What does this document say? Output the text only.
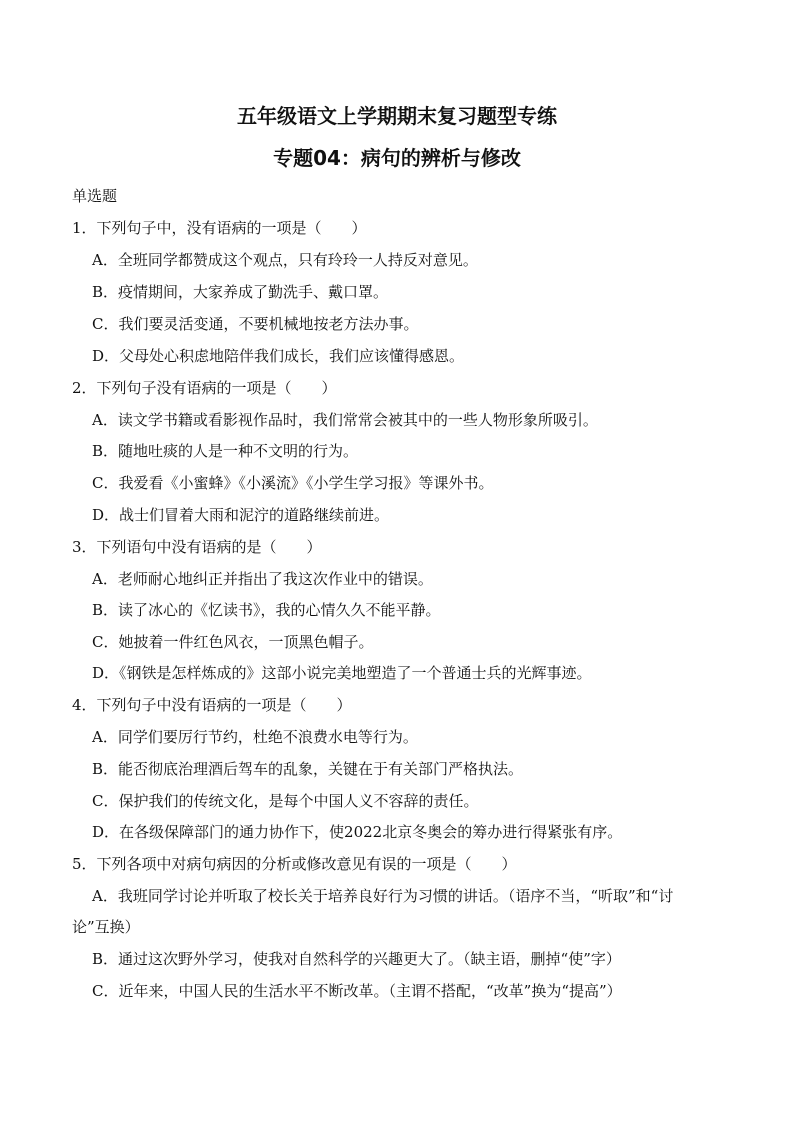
五年级语文上学期期末复习题型专练
专题04：病句的辨析与修改
单选题
1．下列句子中，没有语病的一项是（　　）
A．全班同学都赞成这个观点，只有玲玲一人持反对意见。
B．疫情期间，大家养成了勤洗手、戴口罩。
C．我们要灵活变通，不要机械地按老方法办事。
D．父母处心积虑地陪伴我们成长，我们应该懂得感恩。
2．下列句子没有语病的一项是（　　）
A．读文学书籍或看影视作品时，我们常常会被其中的一些人物形象所吸引。
B．随地吐痰的人是一种不文明的行为。
C．我爱看《小蜜蜂》《小溪流》《小学生学习报》等课外书。
D．战士们冒着大雨和泥泞的道路继续前进。
3．下列语句中没有语病的是（　　）
A．老师耐心地纠正并指出了我这次作业中的错误。
B．读了冰心的《忆读书》，我的心情久久不能平静。
C．她披着一件红色风衣，一顶黑色帽子。
D．《钢铁是怎样炼成的》这部小说完美地塑造了一个普通士兵的光辉事迹。
4．下列句子中没有语病的一项是（　　）
A．同学们要厉行节约，杜绝不浪费水电等行为。
B．能否彻底治理酒后驾车的乱象，关键在于有关部门严格执法。
C．保护我们的传统文化，是每个中国人义不容辞的责任。
D．在各级保障部门的通力协作下，使2022北京冬奥会的筹办进行得紧张有序。
5．下列各项中对病句病因的分析或修改意见有误的一项是（　　）
A．我班同学讨论并听取了校长关于培养良好行为习惯的讲话。（语序不当，“听取”和“讨
论”互换）
B．通过这次野外学习，使我对自然科学的兴趣更大了。（缺主语，删掉“使”字）
C．近年来，中国人民的生活水平不断改革。（主谓不搭配，“改革”换为“提高”）
